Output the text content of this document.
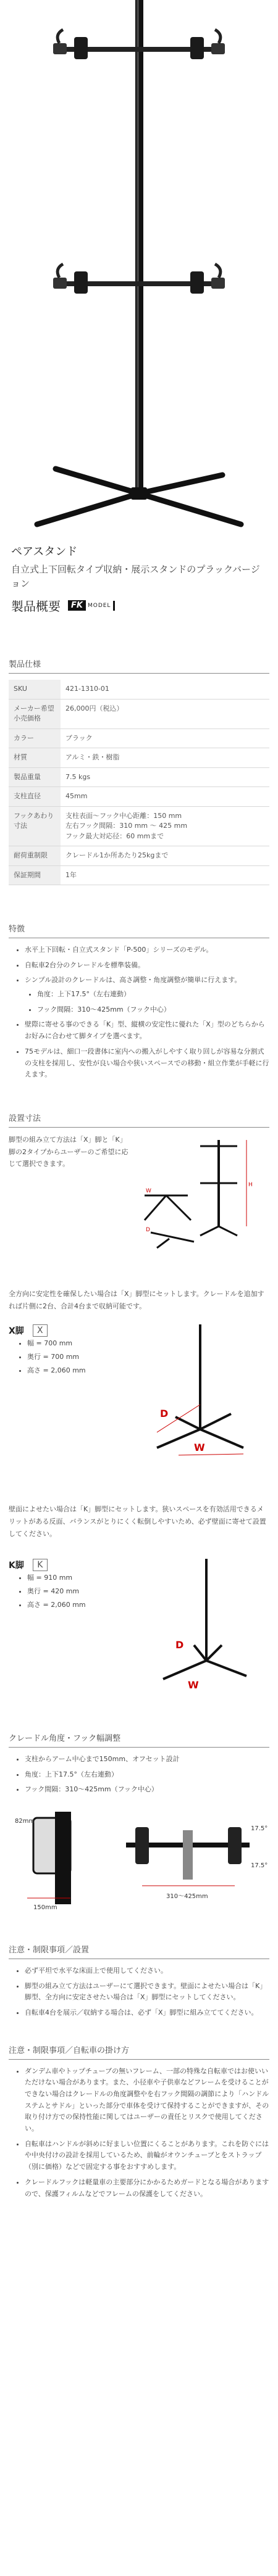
ペアスタンド
自立式上下回転タイプ収納・展示スタンドのプラックバージョン
製品概要	FK MODEL
製品仕様
SKU	421-1310-01
メーカー希望小売価格	26,000円（税込）
カラー	ブラック
材質	アルミ・鉄・樹脂
製品重量	7.5 kgs
支柱直径	45mm
フックあわり寸法	支柱表面～フック中心距離：150 mm
左右フック間隔：310 mm ～ 425 mm
フック最大対応径：60 mmまで
耐荷重制限	クレードル1か所あたり25kgまで
保証期間	1年
特徴
• 水平上下回転・自立式スタンド「P-500」シリーズのモデル。
• 自転車2台分のクレードルを標準装備。
• シンプル設計のクレードルは、高さ調整・角度調整が簡単に行えます。
• 角度：上下17.5°（左右連動）
• フック間隔：310～425mm（フック中心）
• 壁際に寄せる事のできる「K」型、縦横の安定性に優れた「X」型のどちらからお好みに合わせて脚タイプを選べます。
• 75モデルは、細口一段書体に室内への搬入がしやすく取り回しが容易な分割式の支柱を採用し、安性が良い場合や狭いスペースでの移動・組立作業が手軽に行えます。
設置寸法
脚型の組み立て方法は「X」脚と「K」脚の2タイプからユーザーのご希望に応じて選択できます。
H
W
D
全方向に安定性を確保したい場合は「X」脚型にセットします。クレードルを追加すれば片側に2台、合計4台まで収納可能です。
X脚	X
• 幅 = 700 mm
• 奥行 = 700 mm
• 高さ = 2,060 mm
D
W
壁面によせたい場合は「K」脚型にセットします。狭いスペースを有効活用できるメリットがある反面、バランスがとりにくく転倒しやすいため、必ず壁面に寄せて設置してください。
K脚	K
• 幅 = 910 mm
• 奥行 = 420 mm
• 高さ = 2,060 mm
D
W
クレードル角度・フック幅調整
• 支柱からアーム中心まで150mm、オフセット設計
• 角度：上下17.5°（左右連動）
• フック間隔：310～425mm（フック中心）
82mm
150mm
310～425mm
17.5°
17.5°
注意・制限事項／設置
• 必ず平坦で水平な床面上で使用してください。
• 脚型の組み立て方法はユーザーにて選択できます。壁面によせたい場合は「K」脚型、全方向に安定させたい場合は「X」脚型にセットしてください。
• 自転車4台を展示／収納する場合は、必ず「X」脚型に組み立ててください。
注意・制限事項／自転車の掛け方
• ダンデム車やトップチューブの無いフレーム、一部の特殊な自転車ではお使いいただけない場合があります。また、小径車や子供車などフレームを受けることができない場合はクレードルの角度調整やを右フック間隔の調節により「ハンドルステムとサドル」といった部分で車体を受けて保持することができますが、その取り付け方での保持性能に関してはユーザーの責任とリスクで使用してください。
• 自転車はハンドルが斜めに好ましい位置にくることがあります。これを防ぐにはや中央付けの設計を採用しているため、前輪がオウンチューブとをストラップ（別に価格）などで固定する事をおすすめします。
• クレードルフックは軽量車の主要部分にかかるためガードとなる場合がありますので、保護フィルムなどでフレームの保護をしてください。
